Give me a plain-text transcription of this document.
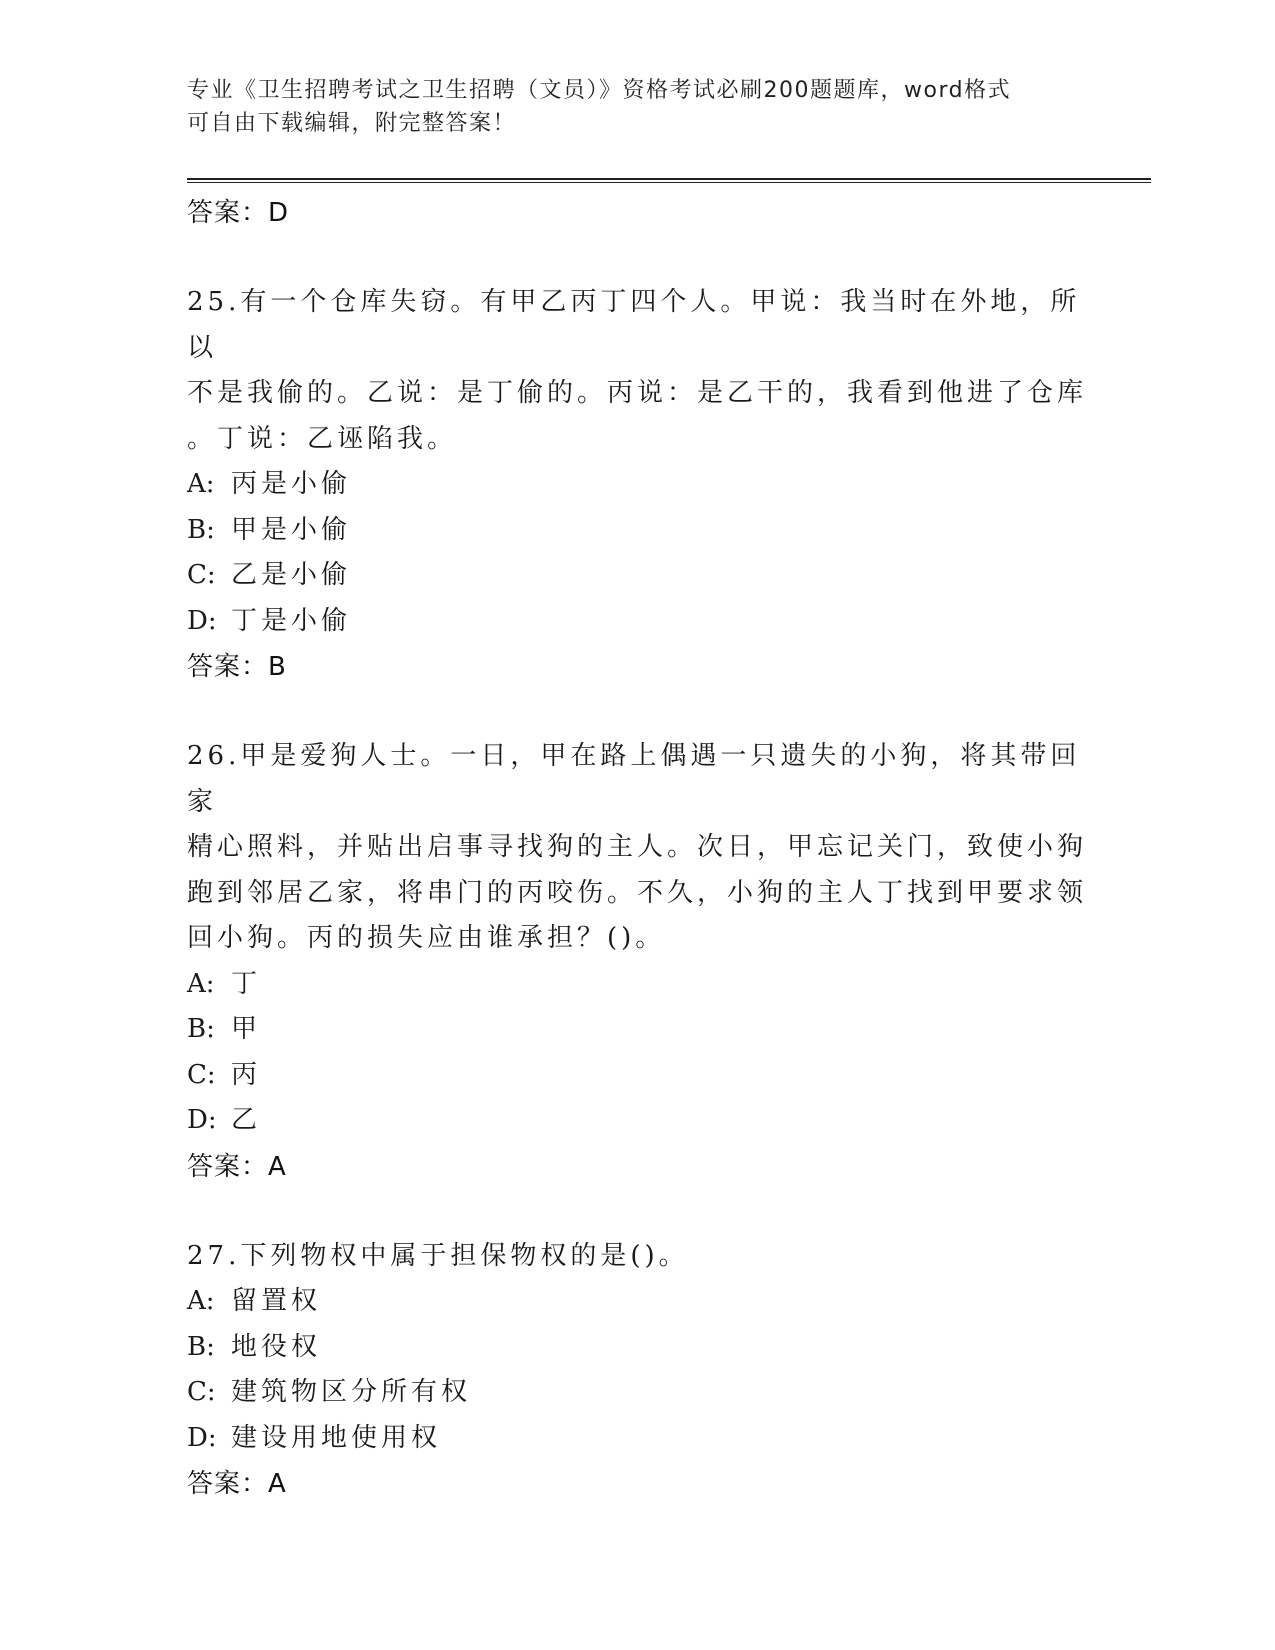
专业《卫生招聘考试之卫生招聘（文员）》资格考试必刷200题题库，word格式
可自由下载编辑，附完整答案！
答案：D
25.有一个仓库失窃。有甲乙丙丁四个人。甲说：我当时在外地，所以
不是我偷的。乙说：是丁偷的。丙说：是乙干的，我看到他进了仓库
。丁说：乙诬陷我。
A: 丙是小偷
B: 甲是小偷
C: 乙是小偷
D: 丁是小偷
答案：B
26.甲是爱狗人士。一日，甲在路上偶遇一只遗失的小狗，将其带回家
精心照料，并贴出启事寻找狗的主人。次日，甲忘记关门，致使小狗
跑到邻居乙家，将串门的丙咬伤。不久，小狗的主人丁找到甲要求领
回小狗。丙的损失应由谁承担？()。
A: 丁
B: 甲
C: 丙
D: 乙
答案：A
27.下列物权中属于担保物权的是()。
A: 留置权
B: 地役权
C: 建筑物区分所有权
D: 建设用地使用权
答案：A
